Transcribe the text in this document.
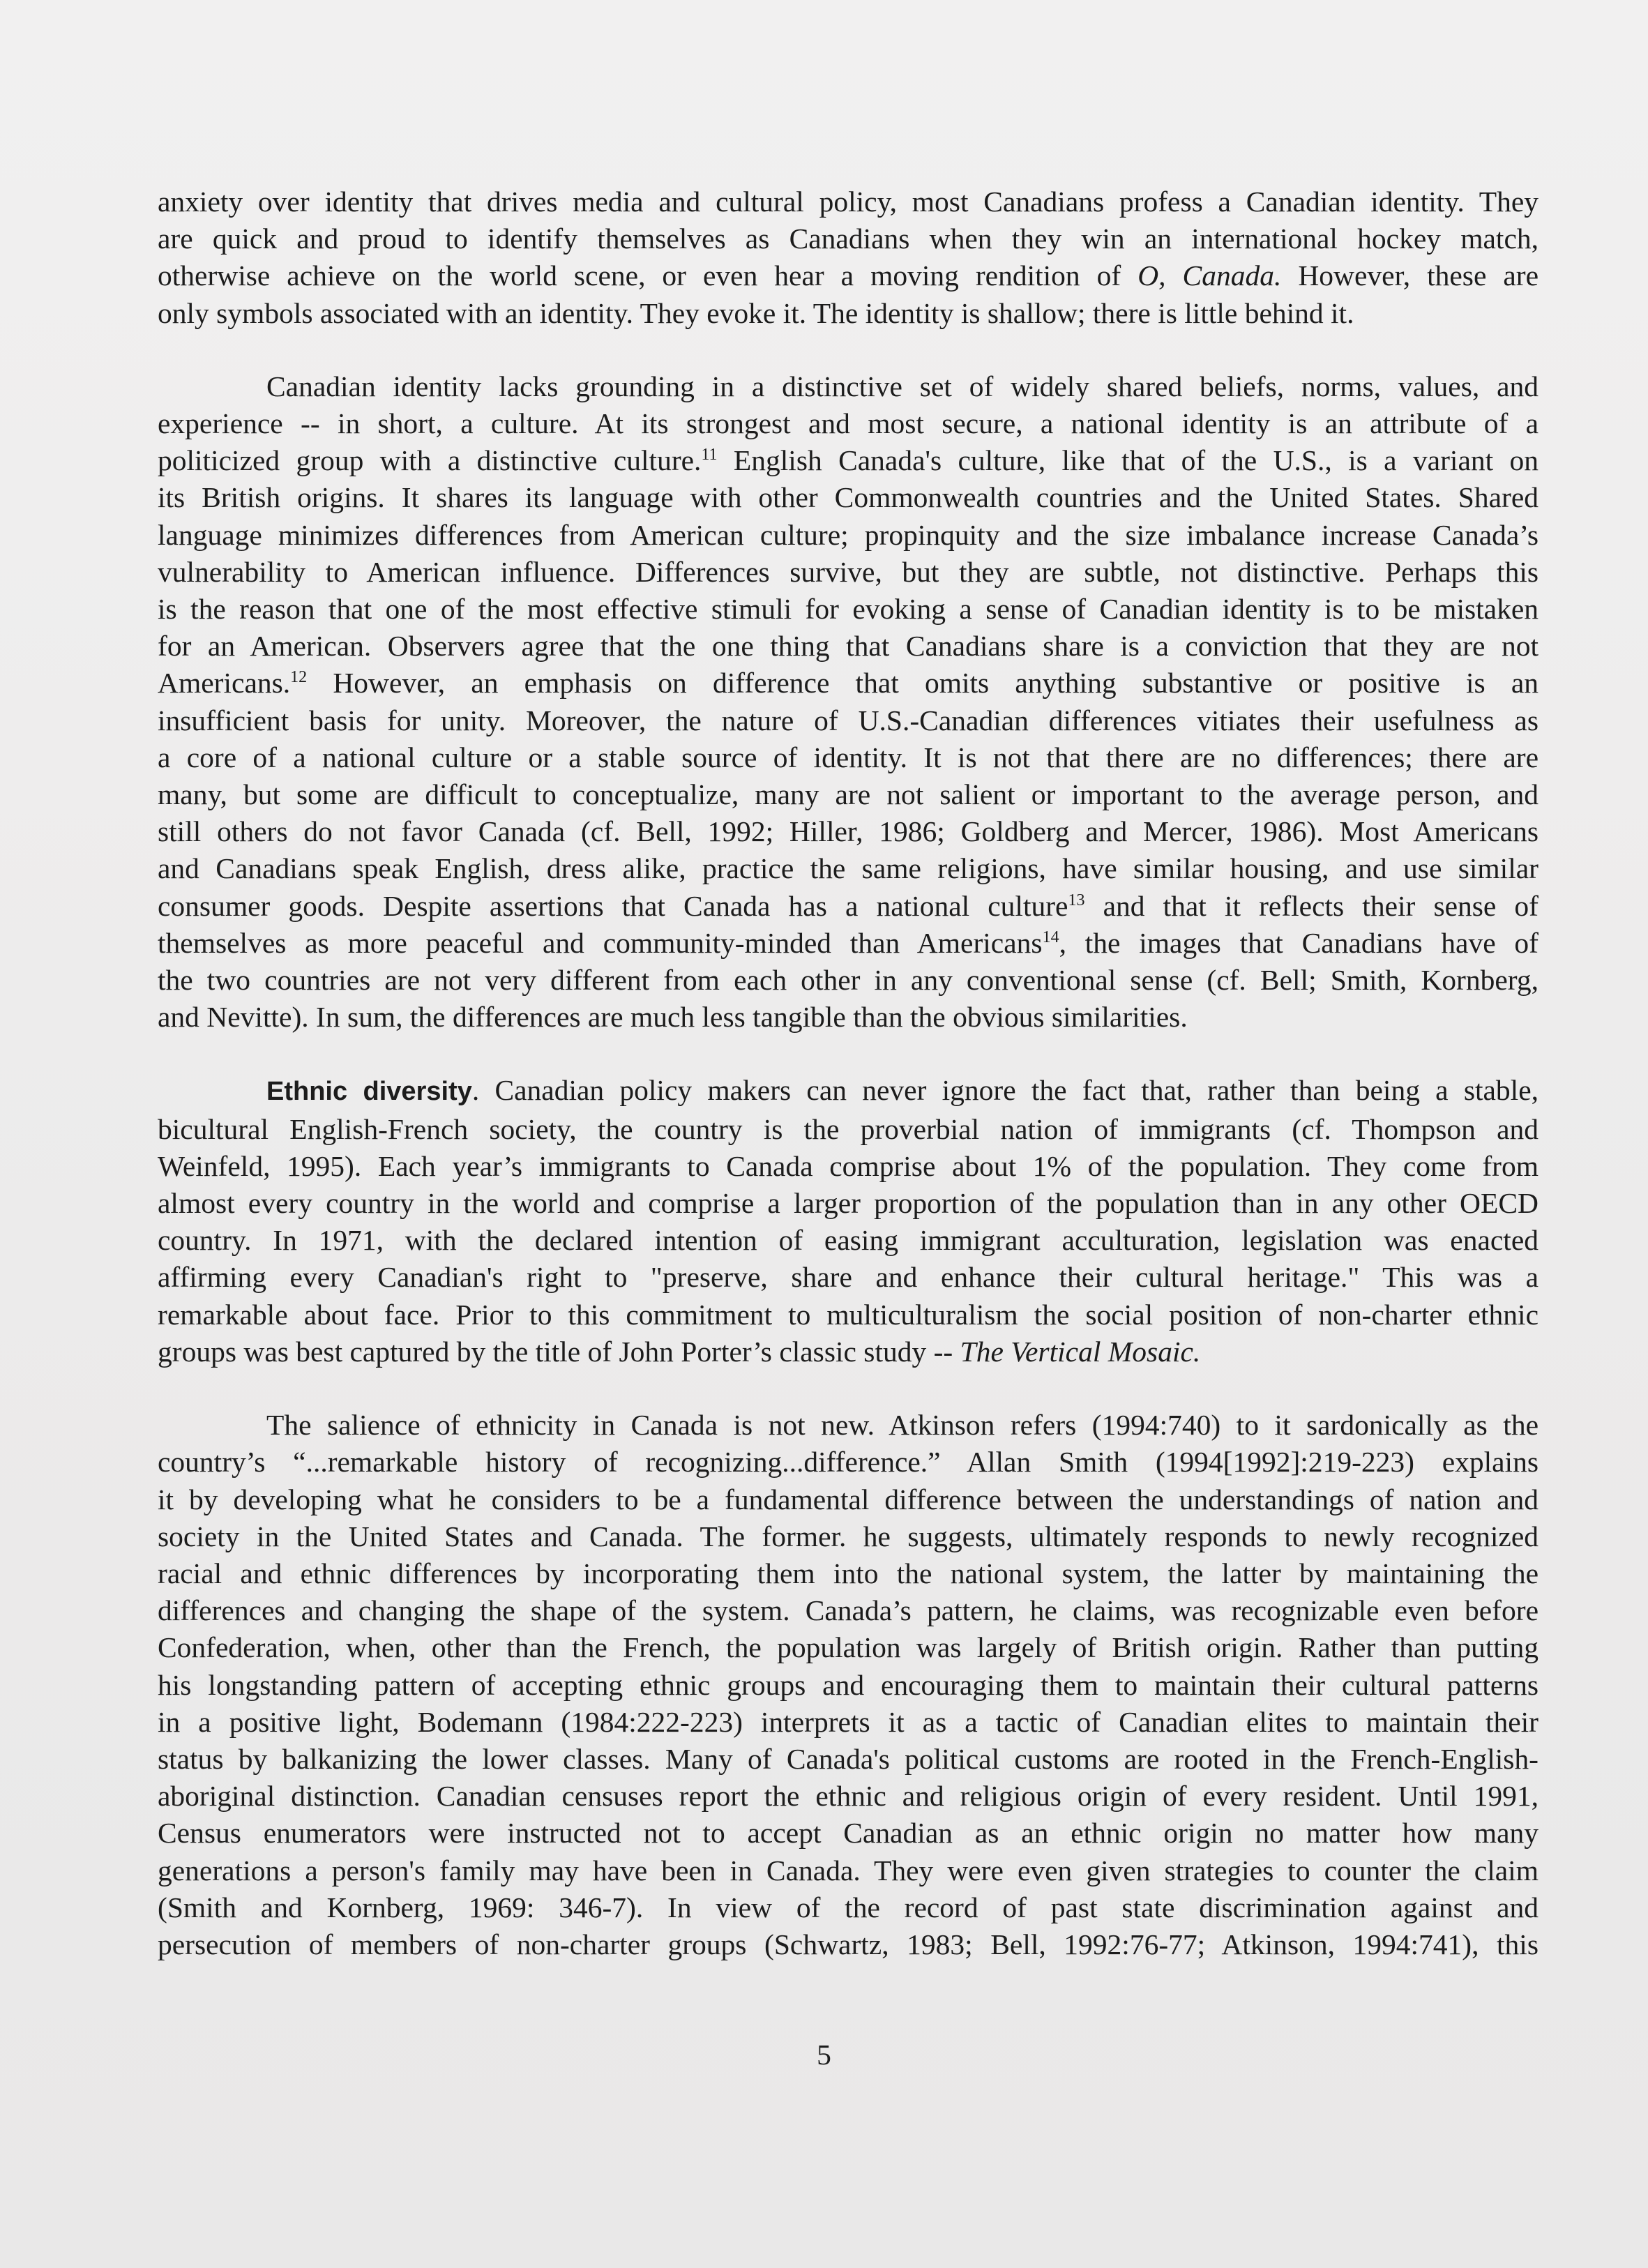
anxiety over identity that drives media and cultural policy, most Canadians profess a Canadian identity. They
are quick and proud to identify themselves as Canadians when they win an international hockey match,
otherwise achieve on the world scene, or even hear a moving rendition of O, Canada. However, these are
only symbols associated with an identity. They evoke it. The identity is shallow; there is little behind it.
Canadian identity lacks grounding in a distinctive set of widely shared beliefs, norms, values, and
experience -- in short, a culture. At its strongest and most secure, a national identity is an attribute of a
politicized group with a distinctive culture.$^{11}$ English Canada's culture, like that of the U.S., is a variant on
its British origins. It shares its language with other Commonwealth countries and the United States. Shared
language minimizes differences from American culture; propinquity and the size imbalance increase Canada’s
vulnerability to American influence. Differences survive, but they are subtle, not distinctive. Perhaps this
is the reason that one of the most effective stimuli for evoking a sense of Canadian identity is to be mistaken
for an American. Observers agree that the one thing that Canadians share is a conviction that they are not
Americans.$^{12}$ However, an emphasis on difference that omits anything substantive or positive is an
insufficient basis for unity. Moreover, the nature of U.S.-Canadian differences vitiates their usefulness as
a core of a national culture or a stable source of identity. It is not that there are no differences; there are
many, but some are difficult to conceptualize, many are not salient or important to the average person, and
still others do not favor Canada (cf. Bell, 1992; Hiller, 1986; Goldberg and Mercer, 1986). Most Americans
and Canadians speak English, dress alike, practice the same religions, have similar housing, and use similar
consumer goods. Despite assertions that Canada has a national culture$^{13}$ and that it reflects their sense of
themselves as more peaceful and community-minded than Americans$^{14}$, the images that Canadians have of
the two countries are not very different from each other in any conventional sense (cf. Bell; Smith, Kornberg,
and Nevitte). In sum, the differences are much less tangible than the obvious similarities.
Ethnic diversity. Canadian policy makers can never ignore the fact that, rather than being a stable,
bicultural English-French society, the country is the proverbial nation of immigrants (cf. Thompson and
Weinfeld, 1995). Each year’s immigrants to Canada comprise about 1% of the population. They come from
almost every country in the world and comprise a larger proportion of the population than in any other OECD
country. In 1971, with the declared intention of easing immigrant acculturation, legislation was enacted
affirming every Canadian's right to "preserve, share and enhance their cultural heritage." This was a
remarkable about face. Prior to this commitment to multiculturalism the social position of non-charter ethnic
groups was best captured by the title of John Porter’s classic study -- The Vertical Mosaic.
The salience of ethnicity in Canada is not new. Atkinson refers (1994:740) to it sardonically as the
country’s “...remarkable history of recognizing...difference.” Allan Smith (1994[1992]:219-223) explains
it by developing what he considers to be a fundamental difference between the understandings of nation and
society in the United States and Canada. The former. he suggests, ultimately responds to newly recognized
racial and ethnic differences by incorporating them into the national system, the latter by maintaining the
differences and changing the shape of the system. Canada’s pattern, he claims, was recognizable even before
Confederation, when, other than the French, the population was largely of British origin. Rather than putting
his longstanding pattern of accepting ethnic groups and encouraging them to maintain their cultural patterns
in a positive light, Bodemann (1984:222-223) interprets it as a tactic of Canadian elites to maintain their
status by balkanizing the lower classes. Many of Canada's political customs are rooted in the French-English-
aboriginal distinction. Canadian censuses report the ethnic and religious origin of every resident. Until 1991,
Census enumerators were instructed not to accept Canadian as an ethnic origin no matter how many
generations a person's family may have been in Canada. They were even given strategies to counter the claim
(Smith and Kornberg, 1969: 346-7). In view of the record of past state discrimination against and
persecution of members of non-charter groups (Schwartz, 1983; Bell, 1992:76-77; Atkinson, 1994:741), this
5
